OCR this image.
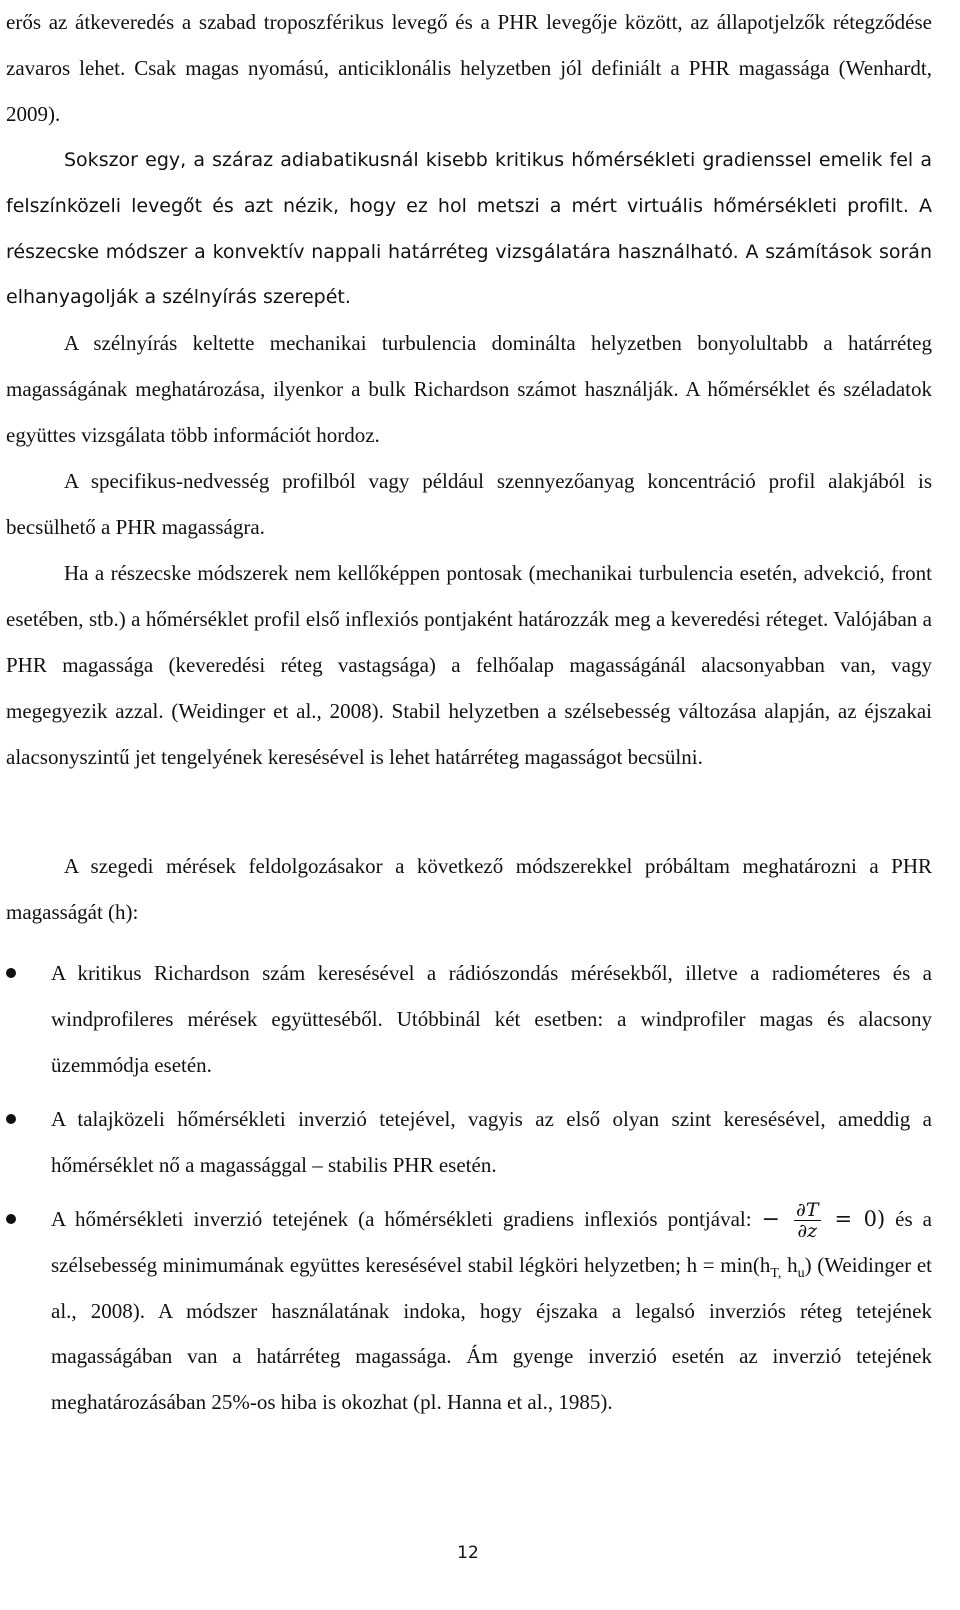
erős az átkeveredés a szabad troposzférikus levegő és a PHR levegője között, az állapotjelzők rétegződése zavaros lehet. Csak magas nyomású, anticiklonális helyzetben jól definiált a PHR magassága (Wenhardt, 2009).

Sokszor egy, a száraz adiabatikusnál kisebb kritikus hőmérsékleti gradienssel emelik fel a felszínközeli levegőt és azt nézik, hogy ez hol metszi a mért virtuális hőmérsékleti profilt. A részecske módszer a konvektív nappali határréteg vizsgálatára használható. A számítások során elhanyagolják a szélnyírás szerepét.

A szélnyírás keltette mechanikai turbulencia dominálta helyzetben bonyolultabb a határréteg magasságának meghatározása, ilyenkor a bulk Richardson számot használják. A hőmérséklet és széladatok együttes vizsgálata több információt hordoz.

A specifikus-nedvesség profilból vagy például szennyezőanyag koncentráció profil alakjából is becsülhető a PHR magasságra.

Ha a részecske módszerek nem kellőképpen pontosak (mechanikai turbulencia esetén, advekció, front esetében, stb.) a hőmérséklet profil első inflexiós pontjaként határozzák meg a keveredési réteget. Valójában a PHR magassága (keveredési réteg vastagsága) a felhőalap magasságánál alacsonyabban van, vagy megegyezik azzal. (Weidinger et al., 2008). Stabil helyzetben a szélsebesség változása alapján, az éjszakai alacsonyszintű jet tengelyének keresésével is lehet határréteg magasságot becsülni.

A szegedi mérések feldolgozásakor a következő módszerekkel próbáltam meghatározni a PHR magasságát (h):

A kritikus Richardson szám keresésével a rádiószondás mérésekből, illetve a radiométeres és a windprofileres mérések együtteséből. Utóbbinál két esetben: a windprofiler magas és alacsony üzemmódja esetén.
A talajközeli hőmérsékleti inverzió tetejével, vagyis az első olyan szint keresésével, ameddig a hőmérséklet nő a magassággal – stabilis PHR esetén.
A hőmérsékleti inverzió tetejének (a hőmérsékleti gradiens inflexiós pontjával: − $\frac{\partial T}{\partial z} = 0$) és a szélsebesség minimumának együttes keresésével stabil légköri helyzetben; $h = \min(h_{T,}$ $h_u$) (Weidinger et al., 2008). A módszer használatának indoka, hogy éjszaka a legalsó inverziós réteg tetejének magasságában van a határréteg magassága. Ám gyenge inverzió esetén az inverzió tetejének meghatározásában 25%-os hiba is okozhat (pl. Hanna et al., 1985).
12
